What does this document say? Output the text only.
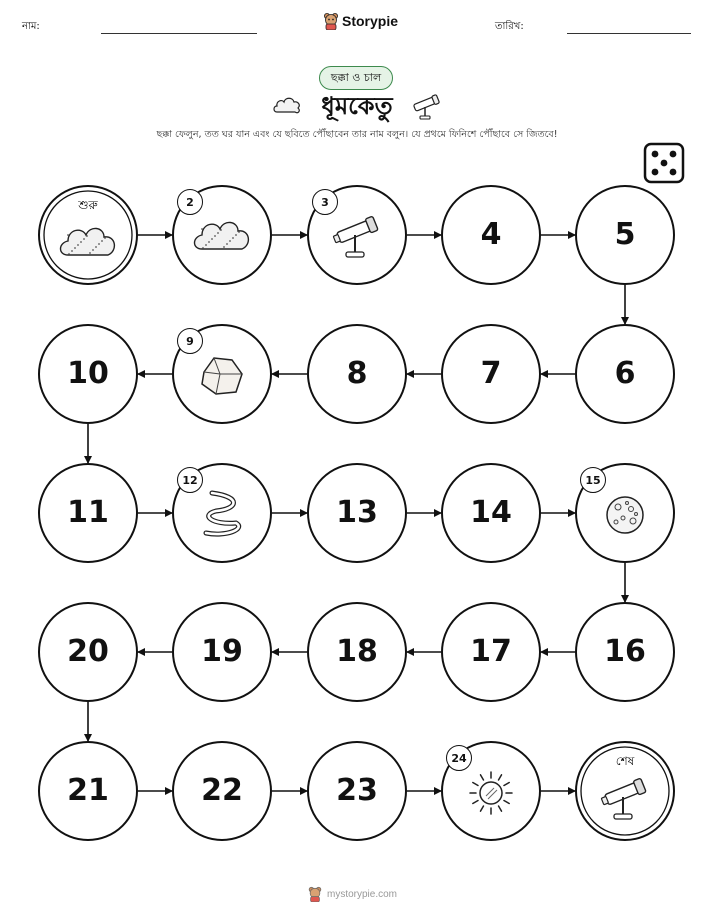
নাম:	তারিখ:
Storypie
ছক্কা ও চাল
ধূমকেতু
ছক্কা ফেলুন, তত ঘর যান এবং যে ছবিতে পৌঁছাবেন তার নাম বলুন। যে প্রথমে ফিনিশে পৌঁছাবে সে জিতবে!
শুরু	2	3
4	5
6
7
8
9
10
11
12
13	14
15
16
17
18
19
20
21	22	23
24	শেষ
mystorypie.com
